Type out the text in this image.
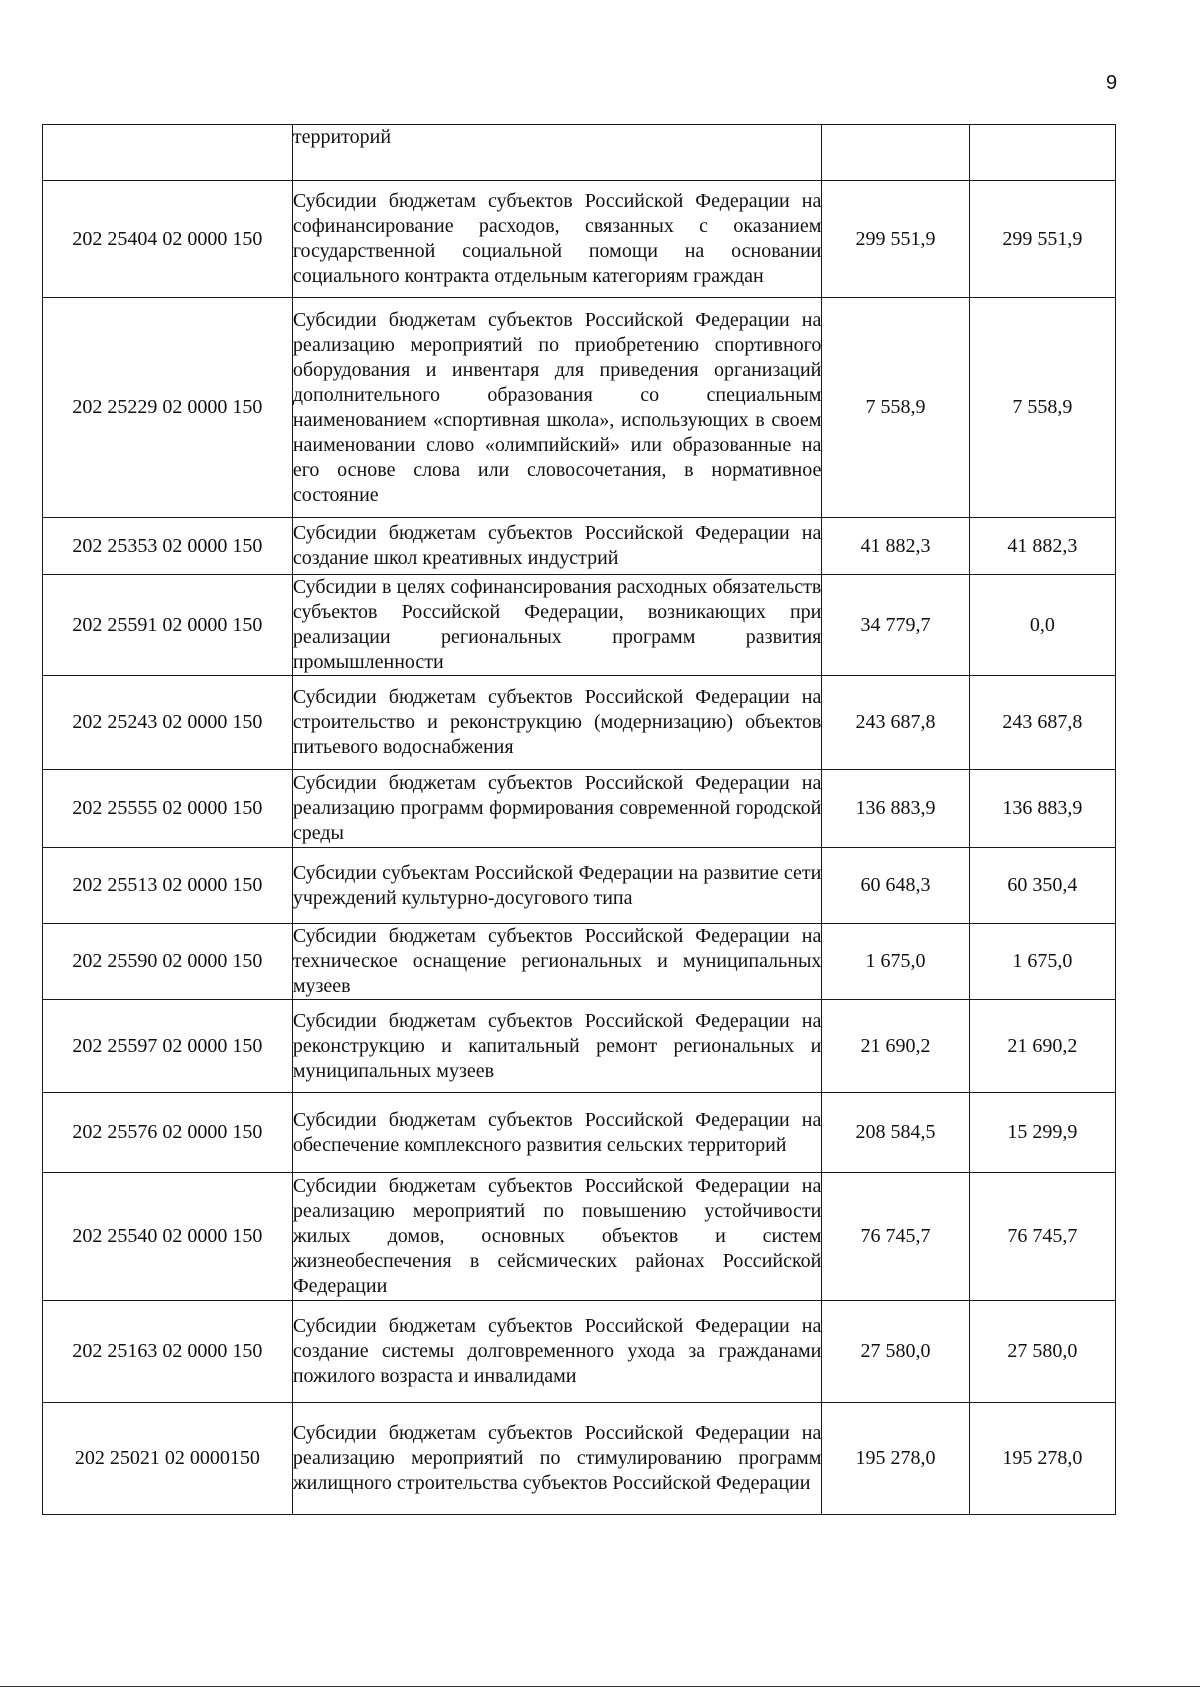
9
	территорий		
202 25404 02 0000 150	Субсидии бюджетам субъектов Российской Федерации на софинансирование расходов, связанных с оказанием государственной социальной помощи на основании социального контракта отдельным категориям граждан	299 551,9	299 551,9
202 25229 02 0000 150	Субсидии бюджетам субъектов Российской Федерации на реализацию мероприятий по приобретению спортивного оборудования и инвентаря для приведения организаций дополнительного образования со специальным наименованием «спортивная школа», использующих в своем наименовании слово «олимпийский» или образованные на его основе слова или словосочетания, в нормативное состояние	7 558,9	7 558,9
202 25353 02 0000 150	Субсидии бюджетам субъектов Российской Федерации на создание школ креативных индустрий	41 882,3	41 882,3
202 25591 02 0000 150	Субсидии в целях софинансирования расходных обязательств субъектов Российской Федерации, возникающих при реализации региональных программ развития промышленности	34 779,7	0,0
202 25243 02 0000 150	Субсидии бюджетам субъектов Российской Федерации на строительство и реконструкцию (модернизацию) объектов питьевого водоснабжения	243 687,8	243 687,8
202 25555 02 0000 150	Субсидии бюджетам субъектов Российской Федерации на реализацию программ формирования современной городской среды	136 883,9	136 883,9
202 25513 02 0000 150	Субсидии субъектам Российской Федерации на развитие сети учреждений культурно-досугового типа	60 648,3	60 350,4
202 25590 02 0000 150	Субсидии бюджетам субъектов Российской Федерации на техническое оснащение региональных и муниципальных музеев	1 675,0	1 675,0
202 25597 02 0000 150	Субсидии бюджетам субъектов Российской Федерации на реконструкцию и капитальный ремонт региональных и муниципальных музеев	21 690,2	21 690,2
202 25576 02 0000 150	Субсидии бюджетам субъектов Российской Федерации на обеспечение комплексного развития сельских территорий	208 584,5	15 299,9
202 25540 02 0000 150	Субсидии бюджетам субъектов Российской Федерации на реализацию мероприятий по повышению устойчивости жилых домов, основных объектов и систем жизнеобеспечения в сейсмических районах Российской Федерации	76 745,7	76 745,7
202 25163 02 0000 150	Субсидии бюджетам субъектов Российской Федерации на создание системы долговременного ухода за гражданами пожилого возраста и инвалидами	27 580,0	27 580,0
202 25021 02 0000150	Субсидии бюджетам субъектов Российской Федерации на реализацию мероприятий по стимулированию программ жилищного строительства субъектов Российской Федерации	195 278,0	195 278,0
